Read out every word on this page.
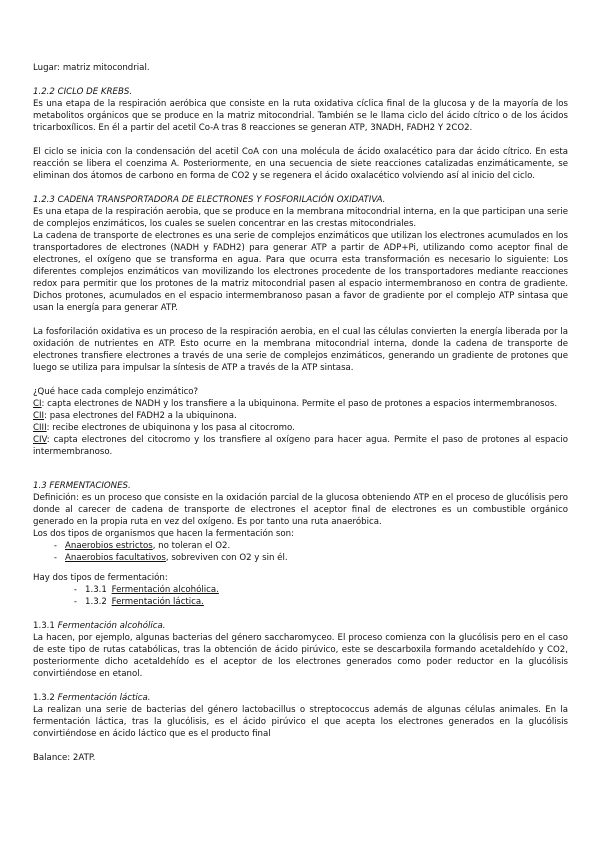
Lugar: matriz mitocondrial.

1.2.2 CICLO DE KREBS.

Es una etapa de la respiración aeróbica que consiste en la ruta oxidativa cíclica final de la glucosa y de la mayoría de los metabolitos orgánicos que se produce en la matriz mitocondrial. También se le llama ciclo del ácido cítrico o de los ácidos tricarboxílicos. En él a partir del acetil Co-A tras 8 reacciones se generan ATP, 3NADH, FADH2 Y 2CO2.

El ciclo se inicia con la condensación del acetil CoA con una molécula de ácido oxalacético para dar ácido cítrico. En esta reacción se libera el coenzima A. Posteriormente, en una secuencia de siete reacciones catalizadas enzimáticamente, se eliminan dos átomos de carbono en forma de CO2 y se regenera el ácido oxalacético volviendo así al inicio del ciclo.

1.2.3 CADENA TRANSPORTADORA DE ELECTRONES Y FOSFORILACIÓN OXIDATIVA.

Es una etapa de la respiración aerobia, que se produce en la membrana mitocondrial interna, en la que participan una serie de complejos enzimáticos, los cuales se suelen concentrar en las crestas mitocondriales.

La cadena de transporte de electrones es una serie de complejos enzimáticos que utilizan los electrones acumulados en los transportadores de electrones (NADH y FADH2) para generar ATP a partir de ADP+Pi, utilizando como aceptor final de electrones, el oxígeno que se transforma en agua. Para que ocurra esta transformación es necesario lo siguiente: Los diferentes complejos enzimáticos van movilizando los electrones procedente de los transportadores mediante reacciones redox para permitir que los protones de la matriz mitocondrial pasen al espacio intermembranoso en contra de gradiente. Dichos protones, acumulados en el espacio intermembranoso pasan a favor de gradiente por el complejo ATP sintasa que usan la energía para generar ATP.

La fosforilación oxidativa es un proceso de la respiración aerobia, en el cual las células convierten la energía liberada por la oxidación de nutrientes en ATP. Esto ocurre en la membrana mitocondrial interna, donde la cadena de transporte de electrones transfiere electrones a través de una serie de complejos enzimáticos, generando un gradiente de protones que luego se utiliza para impulsar la síntesis de ATP a través de la ATP sintasa.

¿Qué hace cada complejo enzimático?

CI: capta electrones de NADH y los transfiere a la ubiquinona. Permite el paso de protones a espacios intermembranosos.

CII: pasa electrones del FADH2 a la ubiquinona.

CIII: recibe electrones de ubiquinona y los pasa al citocromo.

CIV: capta electrones del citocromo y los transfiere al oxígeno para hacer agua. Permite el paso de protones al espacio intermembranoso.

1.3 FERMENTACIONES.

Definición: es un proceso que consiste en la oxidación parcial de la glucosa obteniendo ATP en el proceso de glucólisis pero donde al carecer de cadena de transporte de electrones el aceptor final de electrones es un combustible orgánico generado en la propia ruta en vez del oxígeno. Es por tanto una ruta anaeróbica.

Los dos tipos de organismos que hacen la fermentación son:

- Anaerobios estrictos, no toleran el O2.
- Anaerobios facultativos, sobreviven con O2 y sin él.

Hay dos tipos de fermentación:

- 1.3.1 Fermentación alcohólica.
- 1.3.2 Fermentación láctica.

1.3.1 Fermentación alcohólica.

La hacen, por ejemplo, algunas bacterias del género saccharomyceo. El proceso comienza con la glucólisis pero en el caso de este tipo de rutas catabólicas, tras la obtención de ácido pirúvico, este se descarboxila formando acetaldehído y CO2, posteriormente dicho acetaldehído es el aceptor de los electrones generados como poder reductor en la glucólisis convirtiéndose en etanol.

1.3.2 Fermentación láctica.

La realizan una serie de bacterias del género lactobacillus o streptococcus además de algunas células animales. En la fermentación láctica, tras la glucólisis, es el ácido pirúvico el que acepta los electrones generados en la glucólisis convirtiéndose en ácido láctico que es el producto final

Balance: 2ATP.
